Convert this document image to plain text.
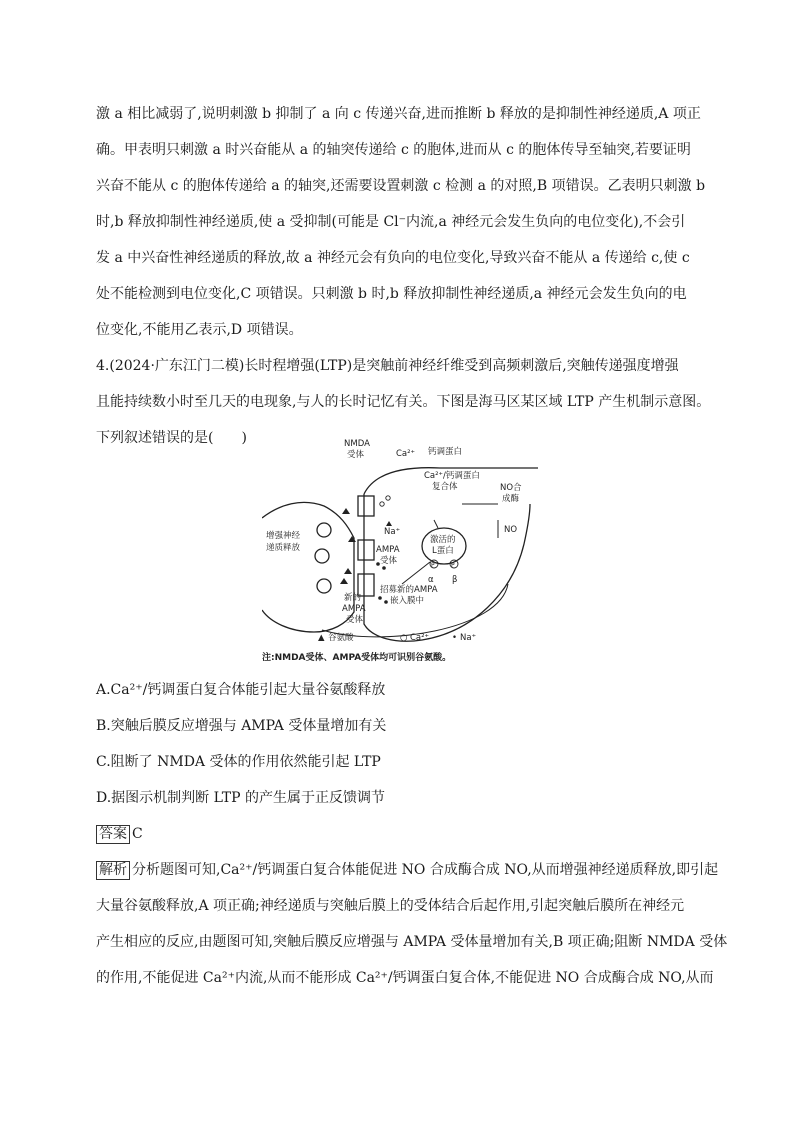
激 a 相比减弱了,说明刺激 b 抑制了 a 向 c 传递兴奋,进而推断 b 释放的是抑制性神经递质,A 项正
确。甲表明只刺激 a 时兴奋能从 a 的轴突传递给 c 的胞体,进而从 c 的胞体传导至轴突,若要证明
兴奋不能从 c 的胞体传递给 a 的轴突,还需要设置刺激 c 检测 a 的对照,B 项错误。乙表明只刺激 b
时,b 释放抑制性神经递质,使 a 受抑制(可能是 Cl⁻内流,a 神经元会发生负向的电位变化),不会引
发 a 中兴奋性神经递质的释放,故 a 神经元会有负向的电位变化,导致兴奋不能从 a 传递给 c,使 c
处不能检测到电位变化,C 项错误。只刺激 b 时,b 释放抑制性神经递质,a 神经元会发生负向的电
位变化,不能用乙表示,D 项错误。
4.(2024·广东江门二模)长时程增强(LTP)是突触前神经纤维受到高频刺激后,突触传递强度增强
且能持续数小时至几天的电现象,与人的长时记忆有关。下图是海马区某区域 LTP 产生机制示意图。
下列叙述错误的是(　　)	NMDA
受体	Ca²⁺ 钙调蛋白
Ca²⁺/钙调蛋白
复合体	NO合
成酶
NO
Na⁺
增强神经
递质释放	AMPA
受体
激活的
L蛋白
α β
P	P
招募新的AMPA
嵌入膜中
新的
AMPA
受体
▲ 谷氨酸	○ Ca²⁺	• Na⁺
注:NMDA受体、AMPA受体均可识别谷氨酸。
A.Ca²⁺/钙调蛋白复合体能引起大量谷氨酸释放
B.突触后膜反应增强与 AMPA 受体量增加有关
C.阻断了 NMDA 受体的作用依然能引起 LTP
D.据图示机制判断 LTP 的产生属于正反馈调节
答案 C
解析 分析题图可知,Ca²⁺/钙调蛋白复合体能促进 NO 合成酶合成 NO,从而增强神经递质释放,即引起
大量谷氨酸释放,A 项正确;神经递质与突触后膜上的受体结合后起作用,引起突触后膜所在神经元
产生相应的反应,由题图可知,突触后膜反应增强与 AMPA 受体量增加有关,B 项正确;阻断 NMDA 受体
的作用,不能促进 Ca²⁺内流,从而不能形成 Ca²⁺/钙调蛋白复合体,不能促进 NO 合成酶合成 NO,从而
